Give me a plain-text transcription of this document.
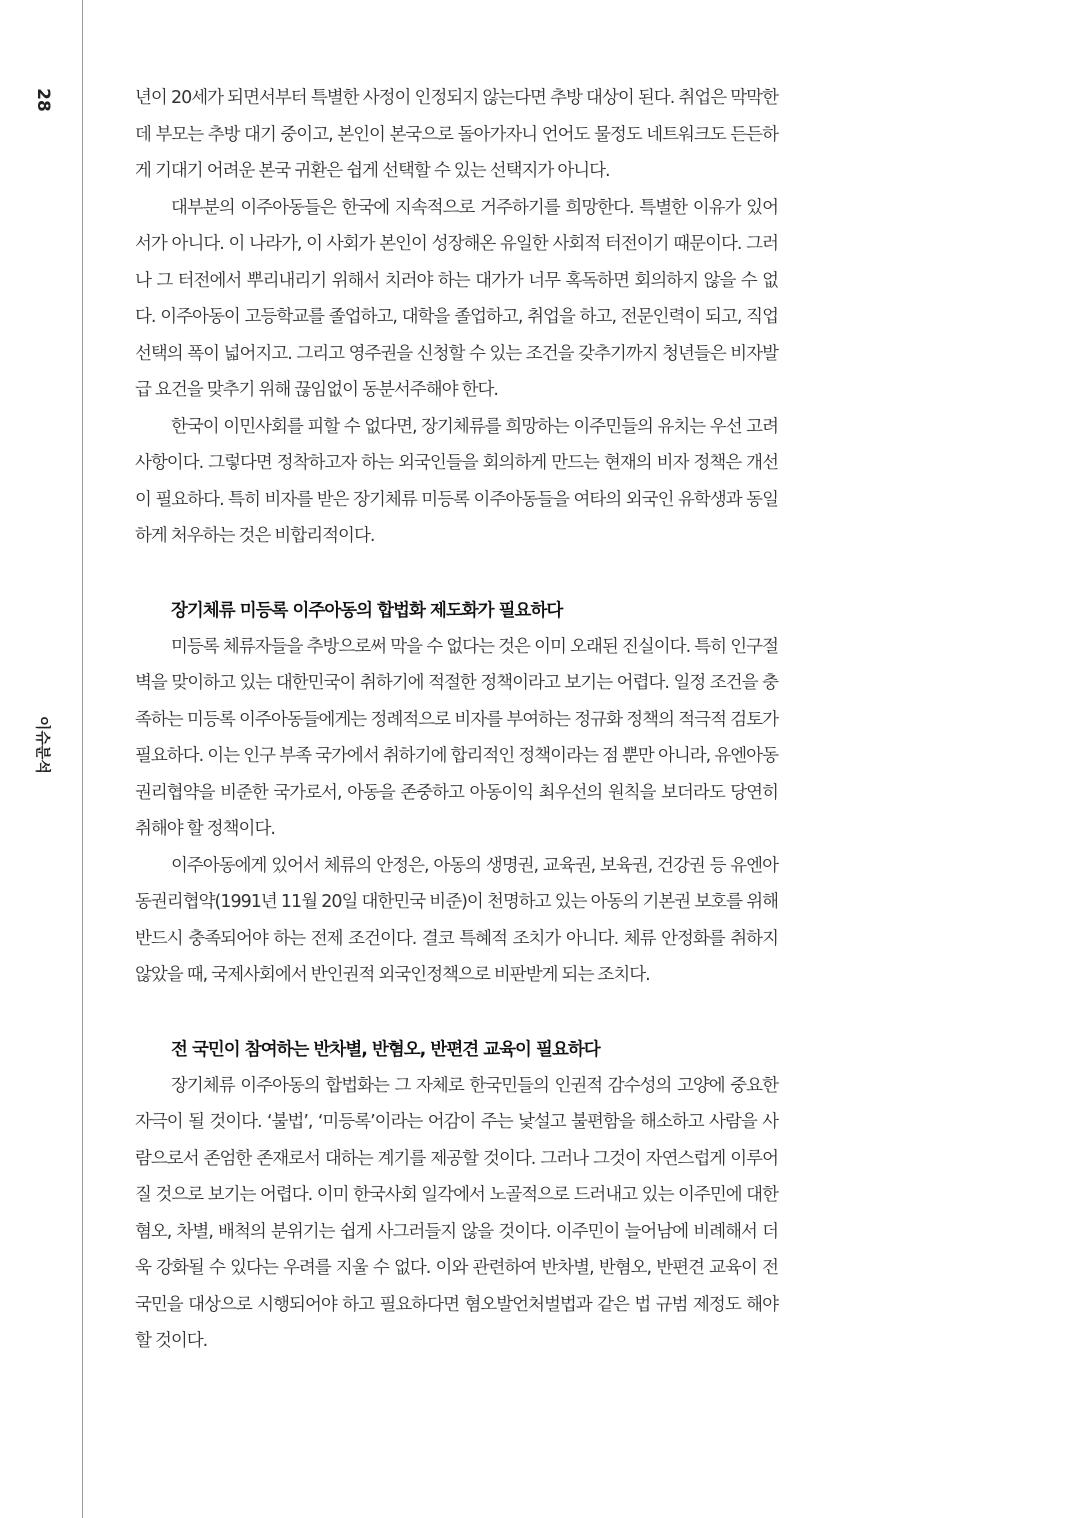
28
이슈분석

년이 20세가 되면서부터 특별한 사정이 인정되지 않는다면 추방 대상이 된다. 취업은 막막한데 부모는 추방 대기 중이고, 본인이 본국으로 돌아가자니 언어도 물정도 네트워크도 든든하게 기대기 어려운 본국 귀환은 쉽게 선택할 수 있는 선택지가 아니다.

대부분의 이주아동들은 한국에 지속적으로 거주하기를 희망한다. 특별한 이유가 있어서가 아니다. 이 나라가, 이 사회가 본인이 성장해온 유일한 사회적 터전이기 때문이다. 그러나 그 터전에서 뿌리내리기 위해서 치러야 하는 대가가 너무 혹독하면 회의하지 않을 수 없다. 이주아동이 고등학교를 졸업하고, 대학을 졸업하고, 취업을 하고, 전문인력이 되고, 직업 선택의 폭이 넓어지고. 그리고 영주권을 신청할 수 있는 조건을 갖추기까지 청년들은 비자발급 요건을 맞추기 위해 끊임없이 동분서주해야 한다.

한국이 이민사회를 피할 수 없다면, 장기체류를 희망하는 이주민들의 유치는 우선 고려사항이다. 그렇다면 정착하고자 하는 외국인들을 회의하게 만드는 현재의 비자 정책은 개선이 필요하다. 특히 비자를 받은 장기체류 미등록 이주아동들을 여타의 외국인 유학생과 동일하게 처우하는 것은 비합리적이다.

장기체류 미등록 이주아동의 합법화 제도화가 필요하다

미등록 체류자들을 추방으로써 막을 수 없다는 것은 이미 오래된 진실이다. 특히 인구절벽을 맞이하고 있는 대한민국이 취하기에 적절한 정책이라고 보기는 어렵다. 일정 조건을 충족하는 미등록 이주아동들에게는 정례적으로 비자를 부여하는 정규화 정책의 적극적 검토가 필요하다. 이는 인구 부족 국가에서 취하기에 합리적인 정책이라는 점 뿐만 아니라, 유엔아동권리협약을 비준한 국가로서, 아동을 존중하고 아동이익 최우선의 원칙을 보더라도 당연히 취해야 할 정책이다.

이주아동에게 있어서 체류의 안정은, 아동의 생명권, 교육권, 보육권, 건강권 등 유엔아동권리협약(1991년 11월 20일 대한민국 비준)이 천명하고 있는 아동의 기본권 보호를 위해 반드시 충족되어야 하는 전제 조건이다. 결코 특혜적 조치가 아니다. 체류 안정화를 취하지 않았을 때, 국제사회에서 반인권적 외국인정책으로 비판받게 되는 조치다.

전 국민이 참여하는 반차별, 반혐오, 반편견 교육이 필요하다

장기체류 이주아동의 합법화는 그 자체로 한국민들의 인권적 감수성의 고양에 중요한 자극이 될 것이다. ‘불법’, ‘미등록’이라는 어감이 주는 낯설고 불편함을 해소하고 사람을 사람으로서 존엄한 존재로서 대하는 계기를 제공할 것이다. 그러나 그것이 자연스럽게 이루어질 것으로 보기는 어렵다. 이미 한국사회 일각에서 노골적으로 드러내고 있는 이주민에 대한 혐오, 차별, 배척의 분위기는 쉽게 사그러들지 않을 것이다. 이주민이 늘어남에 비례해서 더욱 강화될 수 있다는 우려를 지울 수 없다. 이와 관련하여 반차별, 반혐오, 반편견 교육이 전 국민을 대상으로 시행되어야 하고 필요하다면 혐오발언처벌법과 같은 법 규범 제정도 해야 할 것이다.
